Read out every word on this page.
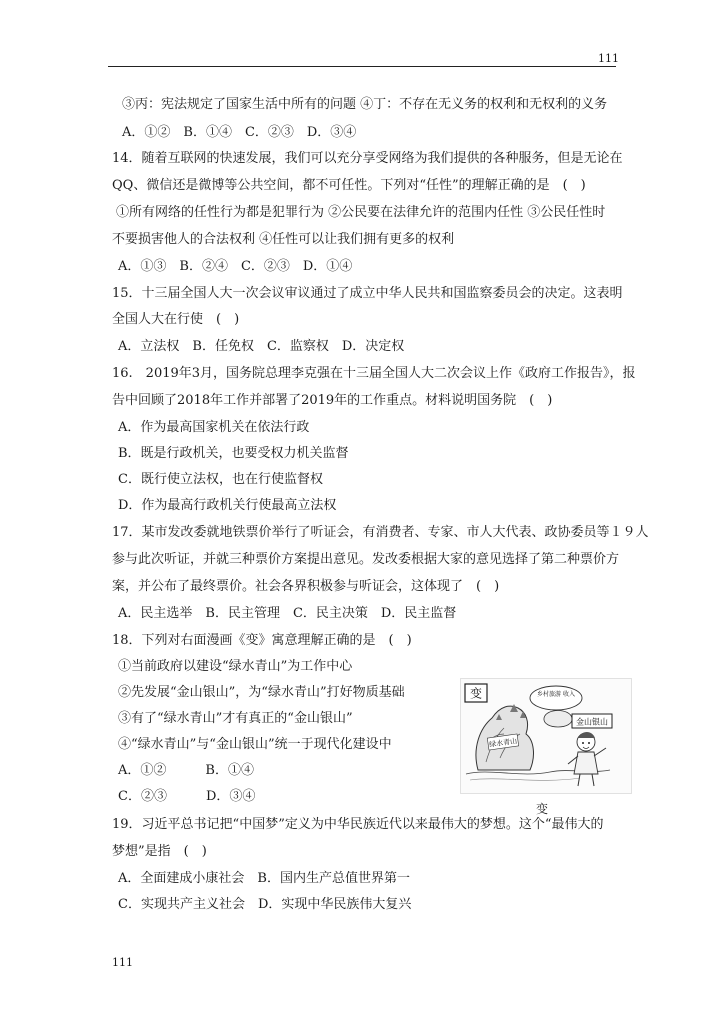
111
③丙：宪法规定了国家生活中所有的问题 ④丁：不存在无义务的权利和无权利的义务
A．①②　B．①④　C．②③　D．③④
14．随着互联网的快速发展，我们可以充分享受网络为我们提供的各种服务，但是无论在
QQ、微信还是微博等公共空间，都不可任性。下列对“任性”的理解正确的是　(　)
①所有网络的任性行为都是犯罪行为 ②公民要在法律允许的范围内任性 ③公民任性时
不要损害他人的合法权利 ④任性可以让我们拥有更多的权利
A．①③　B．②④　C．②③　D．①④
15．十三届全国人大一次会议审议通过了成立中华人民共和国监察委员会的决定。这表明
全国人大在行使　(　)
A．立法权　B．任免权　C．监察权　D．决定权
16.　2019年3月，国务院总理李克强在十三届全国人大二次会议上作《政府工作报告》，报
告中回顾了2018年工作并部署了2019年的工作重点。材料说明国务院　(　)
A．作为最高国家机关在依法行政
B．既是行政机关，也要受权力机关监督
C．既行使立法权，也在行使监督权
D．作为最高行政机关行使最高立法权
17．某市发改委就地铁票价举行了听证会，有消费者、专家、市人大代表、政协委员等１９人
参与此次听证，并就三种票价方案提出意见。发改委根据大家的意见选择了第二种票价方
案，并公布了最终票价。社会各界积极参与听证会，这体现了　(　)
A．民主选举　B．民主管理　C．民主决策　D．民主监督
18．下列对右面漫画《变》寓意理解正确的是　(　)
①当前政府以建设“绿水青山”为工作中心
②先发展“金山银山”，为“绿水青山”打好物质基础
③有了“绿水青山”才有真正的“金山银山”
④“绿水青山”与“金山银山”统一于现代化建设中
A．①②　　　B．①④
C．②③　　　D．③④
变
绿水青山
乡村旅游 收入
金山银山
变
19．习近平总书记把“中国梦”定义为中华民族近代以来最伟大的梦想。这个“最伟大的
梦想”是指　(　)
A．全面建成小康社会　B．国内生产总值世界第一
C．实现共产主义社会　D．实现中华民族伟大复兴
111
